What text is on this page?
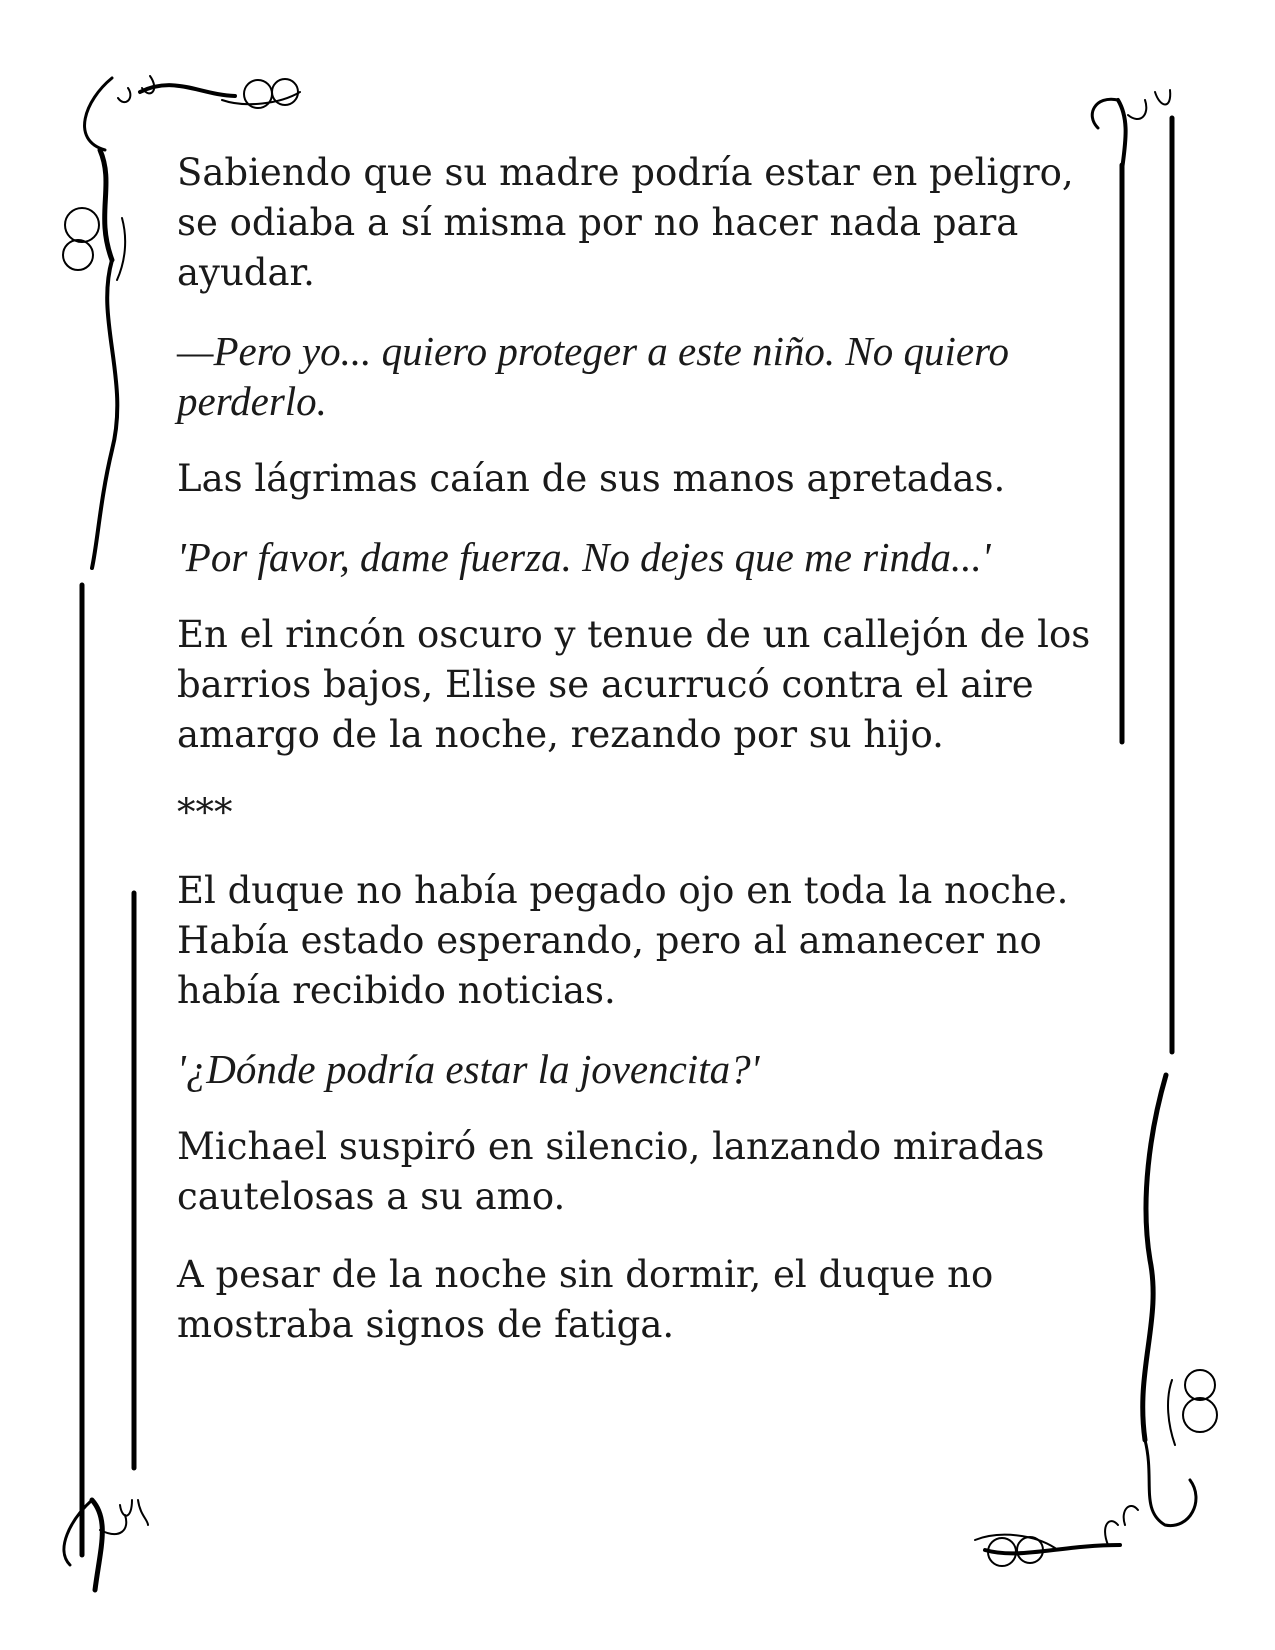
Sabiendo que su madre podría estar en peligro, se odiaba a sí misma por no hacer nada para ayudar.

—Pero yo... quiero proteger a este niño. No quiero perderlo.

Las lágrimas caían de sus manos apretadas.

'Por favor, dame fuerza. No dejes que me rinda...'

En el rincón oscuro y tenue de un callejón de los barrios bajos, Elise se acurrucó contra el aire amargo de la noche, rezando por su hijo.

***

El duque no había pegado ojo en toda la noche. Había estado esperando, pero al amanecer no había recibido noticias.

'¿Dónde podría estar la jovencita?'

Michael suspiró en silencio, lanzando miradas cautelosas a su amo.

A pesar de la noche sin dormir, el duque no mostraba signos de fatiga.
